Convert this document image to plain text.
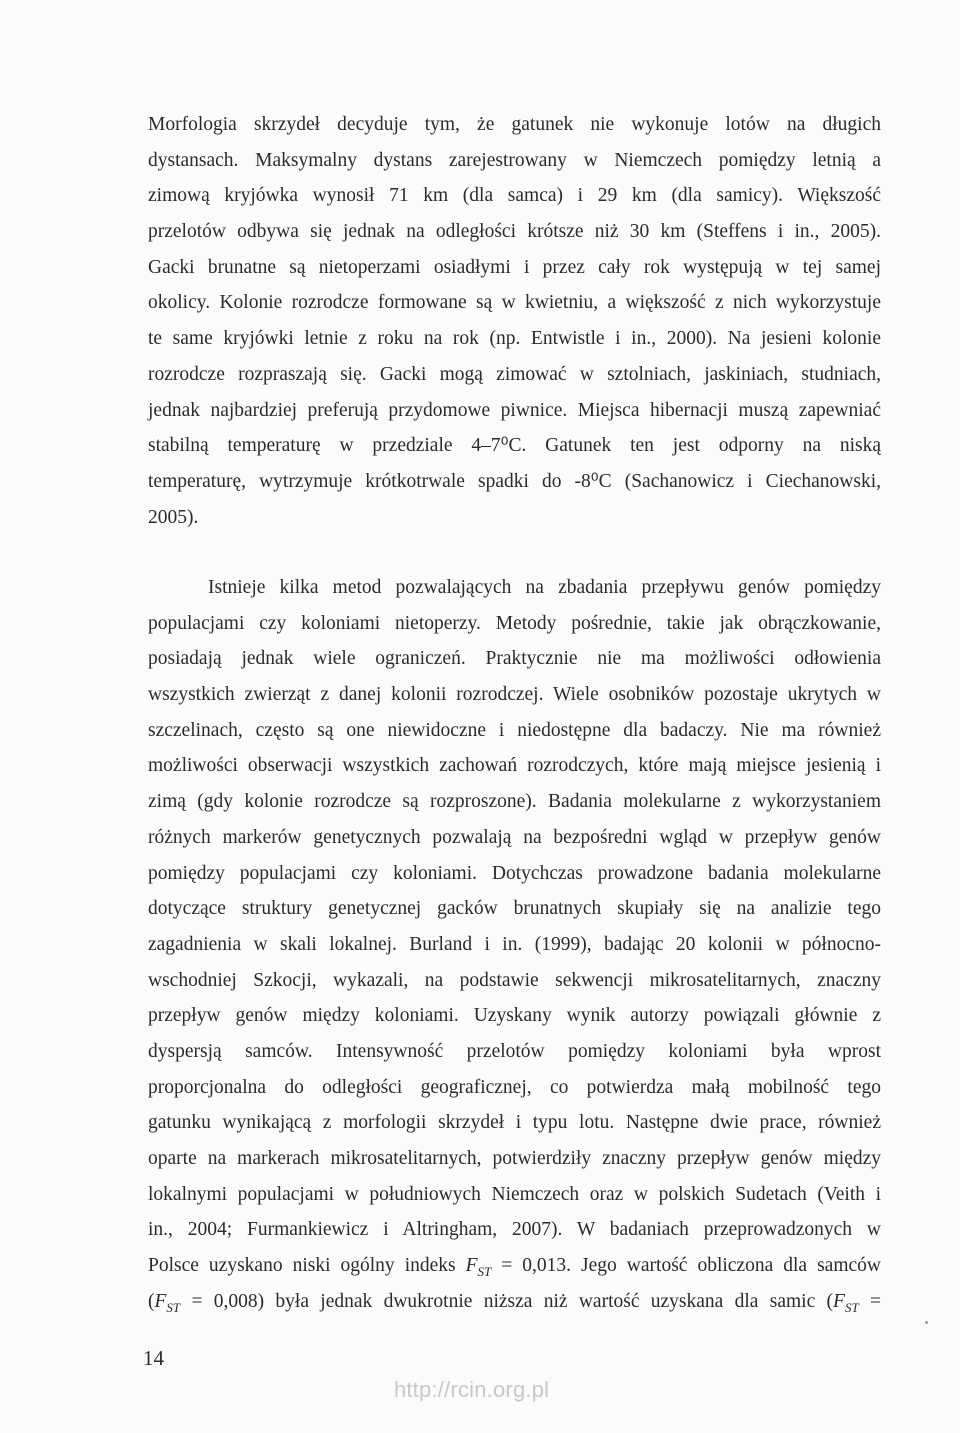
Morfologia skrzydeł decyduje tym, że gatunek nie wykonuje lotów na długich
dystansach. Maksymalny dystans zarejestrowany w Niemczech pomiędzy letnią a
zimową kryjówka wynosił 71 km (dla samca) i 29 km (dla samicy). Większość
przelotów odbywa się jednak na odległości krótsze niż 30 km (Steffens i in., 2005).
Gacki brunatne są nietoperzami osiadłymi i przez cały rok występują w tej samej
okolicy. Kolonie rozrodcze formowane są w kwietniu, a większość z nich wykorzystuje
te same kryjówki letnie z roku na rok (np. Entwistle i in., 2000). Na jesieni kolonie
rozrodcze rozpraszają się. Gacki mogą zimować w sztolniach, jaskiniach, studniach,
jednak najbardziej preferują przydomowe piwnice. Miejsca hibernacji muszą zapewniać
stabilną temperaturę w przedziale 4–7⁰C. Gatunek ten jest odporny na niską
temperaturę, wytrzymuje krótkotrwale spadki do -8⁰C (Sachanowicz i Ciechanowski,
2005).
Istnieje kilka metod pozwalających na zbadania przepływu genów pomiędzy
populacjami czy koloniami nietoperzy. Metody pośrednie, takie jak obrączkowanie,
posiadają jednak wiele ograniczeń. Praktycznie nie ma możliwości odłowienia
wszystkich zwierząt z danej kolonii rozrodczej. Wiele osobników pozostaje ukrytych w
szczelinach, często są one niewidoczne i niedostępne dla badaczy. Nie ma również
możliwości obserwacji wszystkich zachowań rozrodczych, które mają miejsce jesienią i
zimą (gdy kolonie rozrodcze są rozproszone). Badania molekularne z wykorzystaniem
różnych markerów genetycznych pozwalają na bezpośredni wgląd w przepływ genów
pomiędzy populacjami czy koloniami. Dotychczas prowadzone badania molekularne
dotyczące struktury genetycznej gacków brunatnych skupiały się na analizie tego
zagadnienia w skali lokalnej. Burland i in. (1999), badając 20 kolonii w północno-
wschodniej Szkocji, wykazali, na podstawie sekwencji mikrosatelitarnych, znaczny
przepływ genów między koloniami. Uzyskany wynik autorzy powiązali głównie z
dyspersją samców. Intensywność przelotów pomiędzy koloniami była wprost
proporcjonalna do odległości geograficznej, co potwierdza małą mobilność tego
gatunku wynikającą z morfologii skrzydeł i typu lotu. Następne dwie prace, również
oparte na markerach mikrosatelitarnych, potwierdziły znaczny przepływ genów między
lokalnymi populacjami w południowych Niemczech oraz w polskich Sudetach (Veith i
in., 2004; Furmankiewicz i Altringham, 2007). W badaniach przeprowadzonych w
Polsce uzyskano niski ogólny indeks $F_{ST} = 0,013$. Jego wartość obliczona dla samców
$(F_{ST} = 0,008)$ była jednak dwukrotnie niższa niż wartość uzyskana dla samic ($F_{ST}$ =
14
http://rcin.org.pl
